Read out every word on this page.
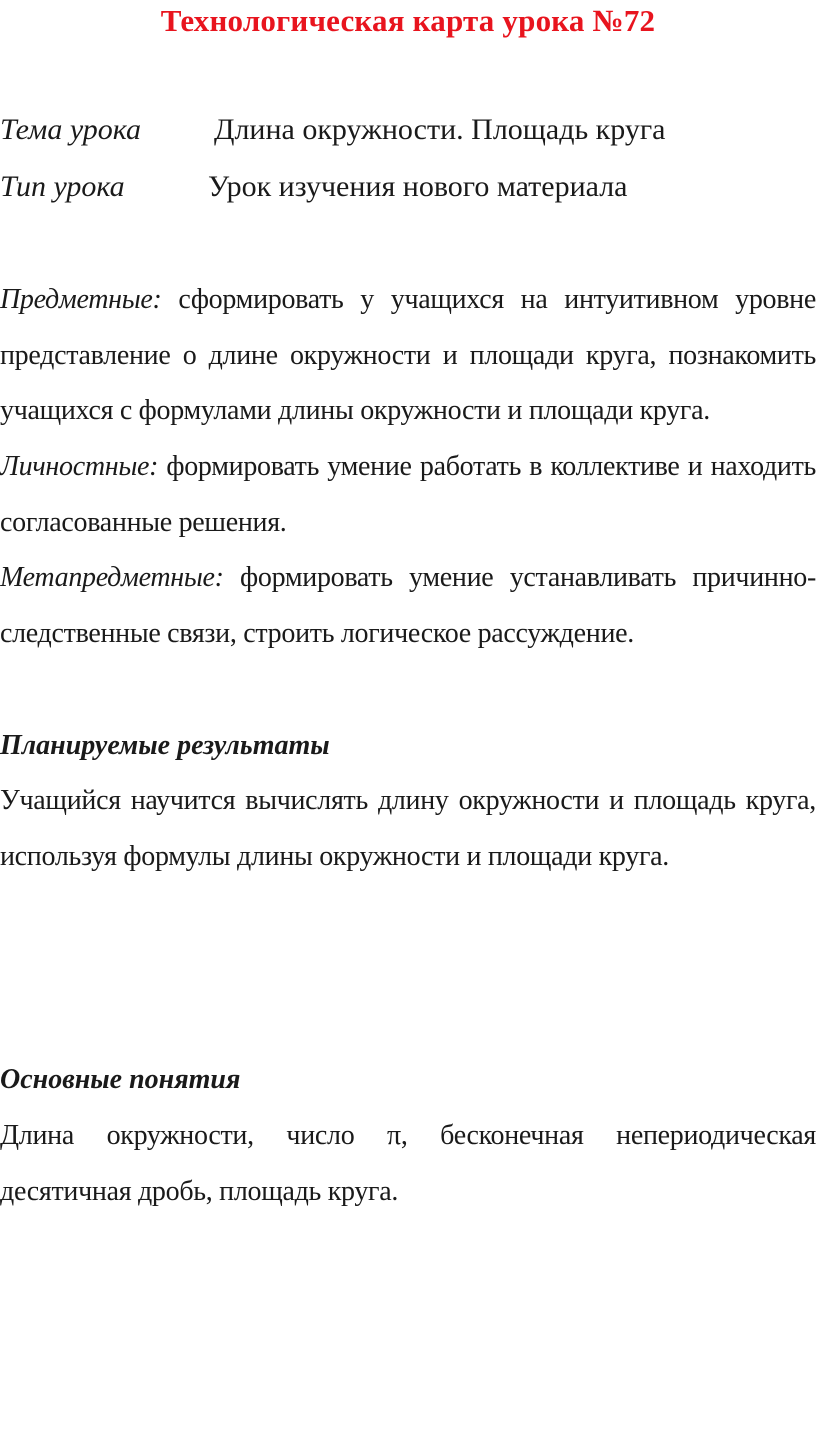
Технологическая карта урока №72
Тема урока Длина окружности. Площадь круга
Тип урока	Урок изучения нового материала

Предметные: сформировать у учащихся на интуитивном уровне представление о длине окружности и площади круга, познакомить учащихся с формулами длины окружности и площади круга.

Личностные: формировать умение работать в коллективе и находить согласованные решения.

Метапредметные: формировать умение устанавливать причинно-следственные связи, строить логическое рассуждение.

Планируемые результаты

Учащийся научится вычислять длину окружности и площадь круга, используя формулы длины окружности и площади круга.

Основные понятия

Длина окружности, число π, бесконечная непериодическая десятичная дробь, площадь круга.
